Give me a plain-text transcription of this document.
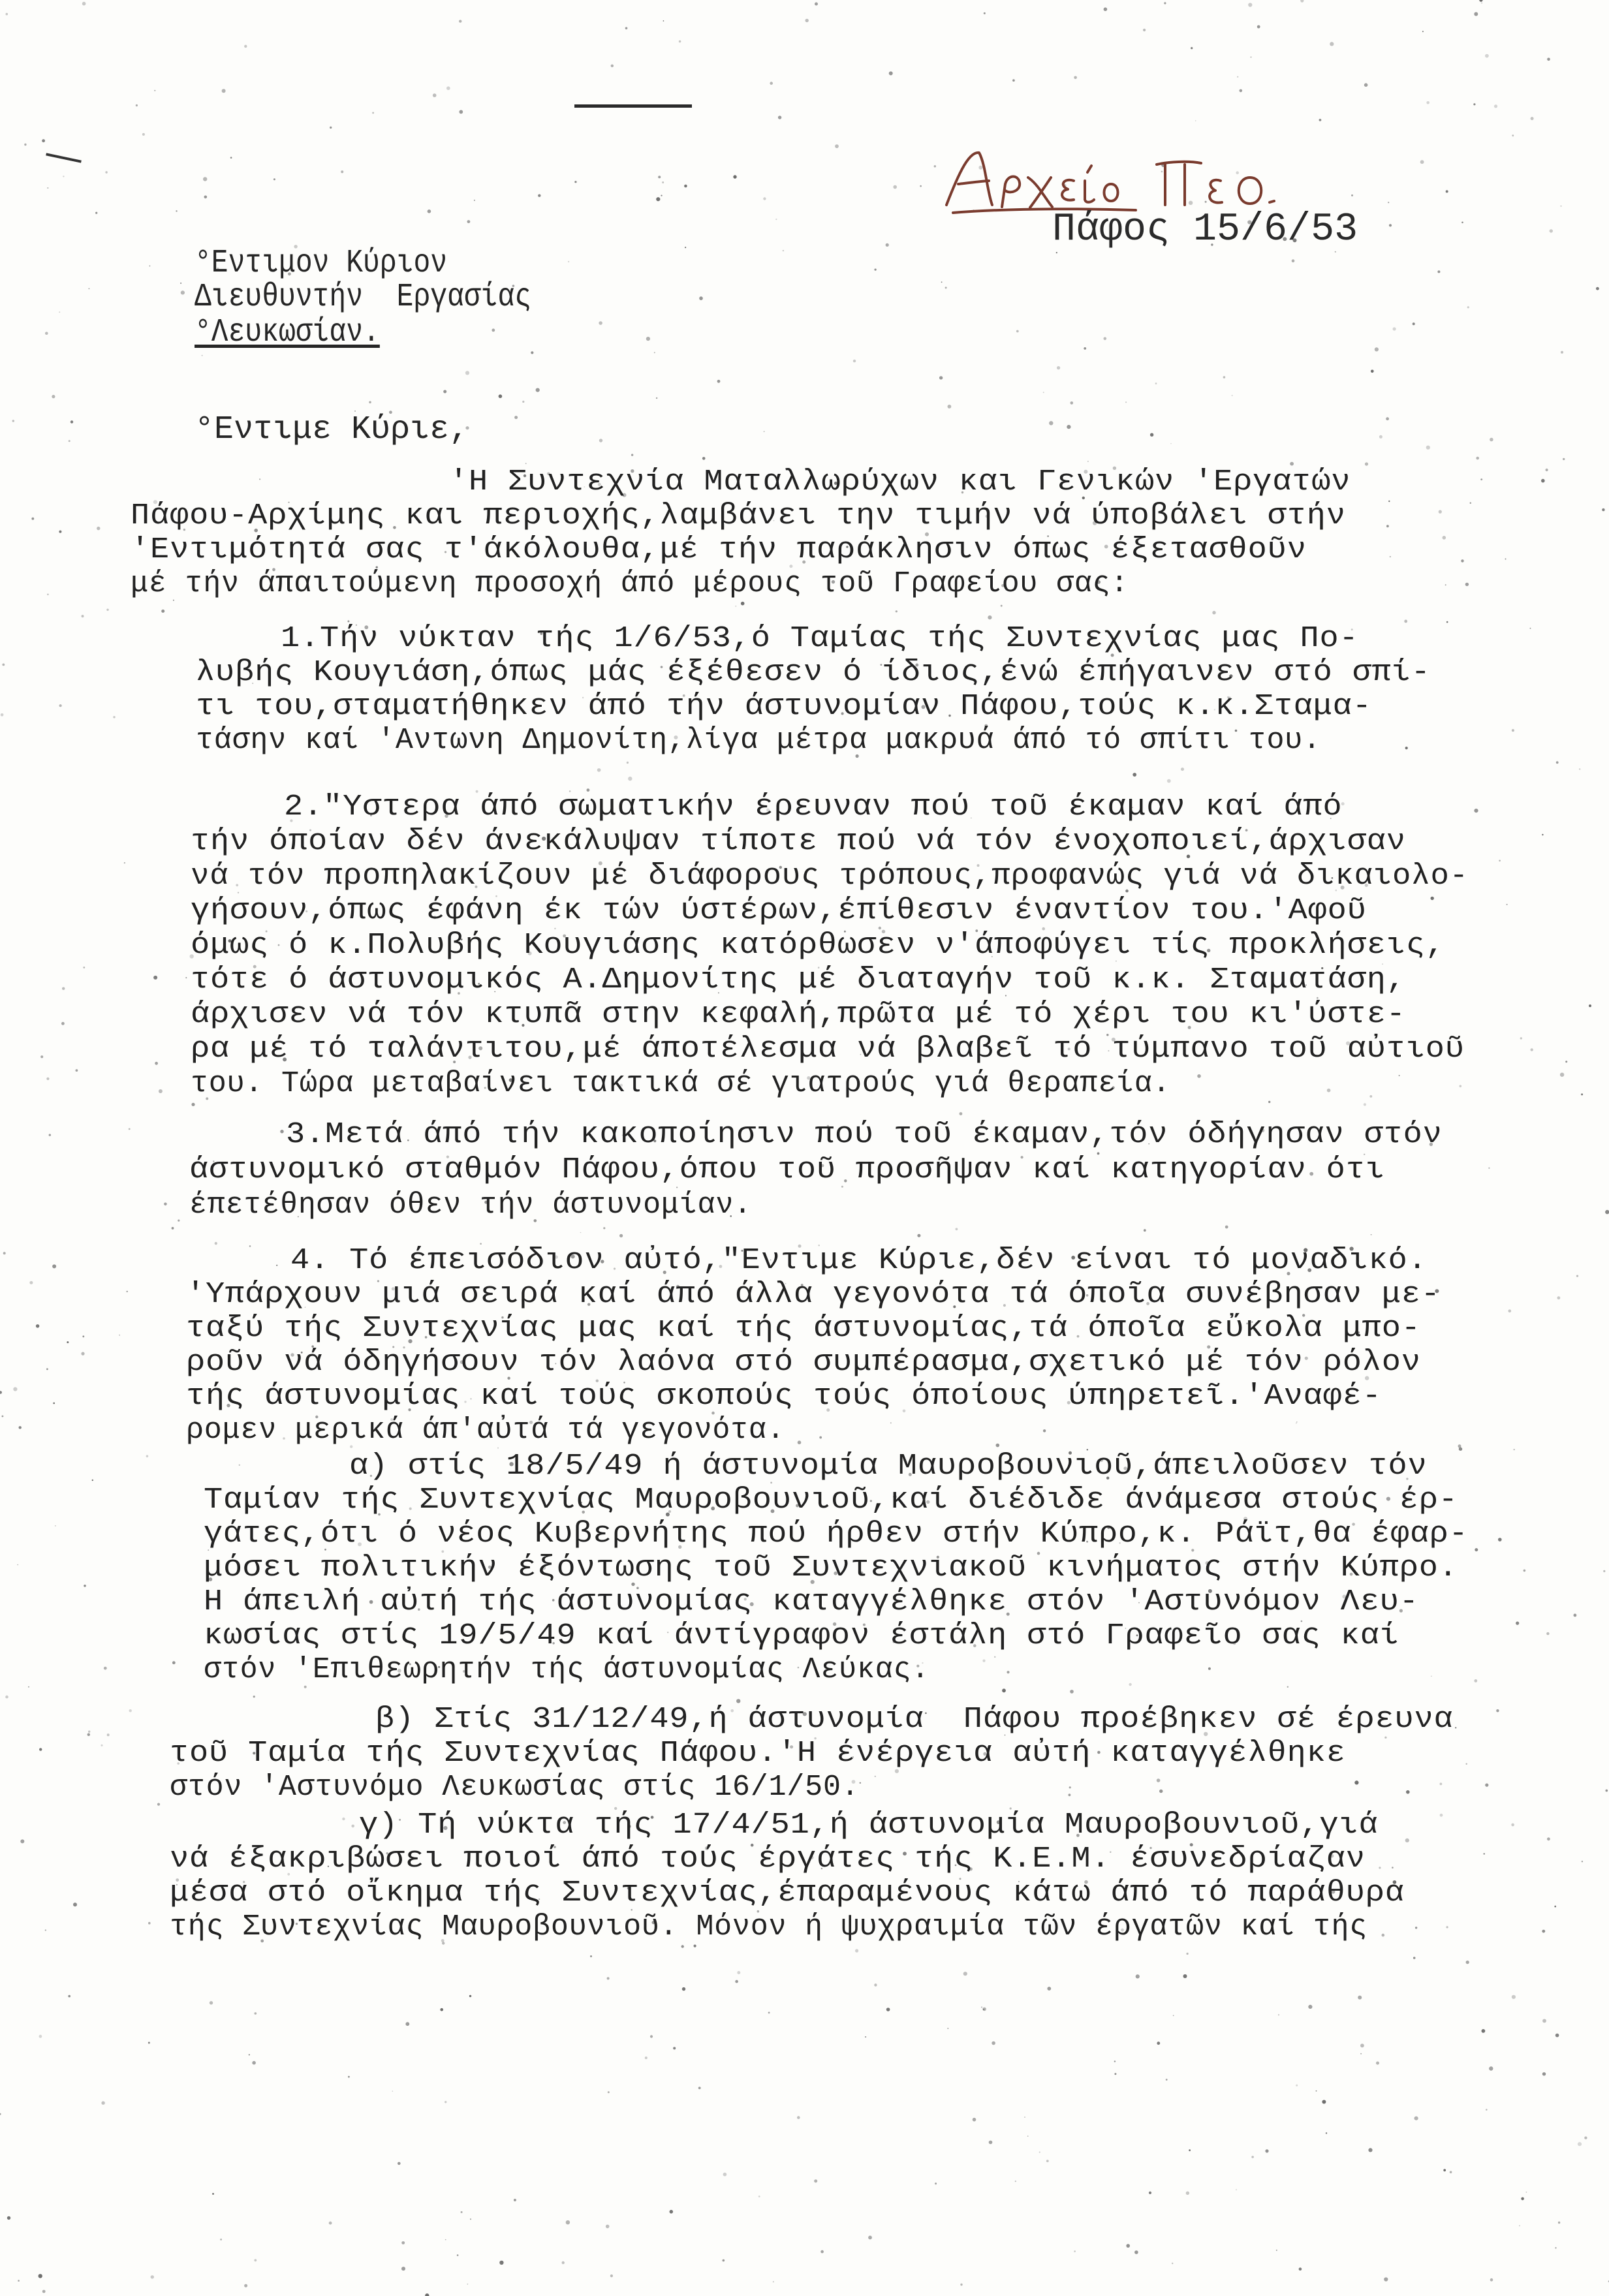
Πάφος 15/6/53
°Εντιμον Κύριον
Διευθυντήν  Εργασίας
°Λευκωσίαν.
°Εντιμε Κύριε,
'Η Συντεχνία Ματαλλωρύχων και Γενικών 'Εργατών
Πάφου-Αρχίμης και περιοχής,λαμβάνει την τιμήν νά ύποβάλει στήν
'Εντιμότητά σας τ'άκόλουθα,μέ τήν παράκλησιν όπως έξετασθοῦν
μέ τήν άπαιτούμενη προσοχή άπό μέρους τοῦ Γραφείου σας:
1.Τήν νύκταν τής 1/6/53,ό Ταμίας τής Συντεχνίας μας Πο-
λυβής Κουγιάση,όπως μάς έξέθεσεν ό ίδιος,ένώ έπήγαινεν στό σπί-
τι του,σταματήθηκεν άπό τήν άστυνομίαν Πάφου,τούς κ.κ.Σταμα-
τάσην καί 'Αντωνη Δημονίτη,λίγα μέτρα μακρυά άπό τό σπίτι του.
2."Υστερα άπό σωματικήν έρευναν πού τοῦ έκαμαν καί άπό
τήν όποίαν δέν άνεκάλυψαν τίποτε πού νά τόν ένοχοποιεί,άρχισαν
νά τόν προπηλακίζουν μέ διάφορους τρόπους,προφανώς γιά νά δικαιολο-
γήσουν,όπως έφάνη έκ τών ύστέρων,έπίθεσιν έναντίον του.'Αφοῦ
όμως ό κ.Πολυβής Κουγιάσης κατόρθωσεν ν'άποφύγει τίς προκλήσεις,
τότε ό άστυνομικός Α.Δημονίτης μέ διαταγήν τοῦ κ.κ. Σταματάση,
άρχισεν νά τόν κτυπᾶ στην κεφαλή,πρῶτα μέ τό χέρι του κι'ύστε-
ρα μέ τό ταλάντιτου,μέ άποτέλεσμα νά βλαβεῖ τό τύμπανο τοῦ αὐτιοῦ
του. Τώρα μεταβαίνει τακτικά σέ γιατρούς γιά θεραπεία.
3.Μετά άπό τήν κακοποίησιν πού τοῦ έκαμαν,τόν όδήγησαν στόν
άστυνομικό σταθμόν Πάφου,όπου τοῦ προσῆψαν καί κατηγορίαν ότι
έπετέθησαν όθεν τήν άστυνομίαν.
4. Τό έπεισόδιον αὐτό,"Εντιμε Κύριε,δέν είναι τό μοναδικό.
'Υπάρχουν μιά σειρά καί άπό άλλα γεγονότα τά όποῖα συνέβησαν με-
ταξύ τής Συντεχνίας μας καί τής άστυνομίας,τά όποῖα εὔκολα μπο-
ροῦν νά όδηγήσουν τόν λαόνα στό συμπέρασμα,σχετικό μέ τόν ρόλον
τής άστυνομίας καί τούς σκοπούς τούς όποίους ύπηρετεῖ.'Αναφέ-
ρομεν μερικά άπ'αὐτά τά γεγονότα.
α) στίς 18/5/49 ή άστυνομία Μαυροβουνιοῦ,άπειλοῦσεν τόν
Ταμίαν τής Συντεχνίας Μαυροβουνιοῦ,καί διέδιδε άνάμεσα στούς έρ-
γάτες,ότι ό νέος Κυβερνήτης πού ήρθεν στήν Κύπρο,κ. Ράϊτ,θα έφαρ-
μόσει πολιτικήν έξόντωσης τοῦ Συντεχνιακοῦ κινήματος στήν Κύπρο.
Η άπειλή αὐτή τής άστυνομίας καταγγέλθηκε στόν 'Αστυνόμον Λευ-
κωσίας στίς 19/5/49 καί άντίγραφον έστάλη στό Γραφεῖο σας καί
στόν 'Επιθεωρητήν τής άστυνομίας Λεύκας.
β) Στίς 31/12/49,ή άστυνομία  Πάφου προέβηκεν σέ έρευνα
τοῦ Ταμία τής Συντεχνίας Πάφου.'Η ένέργεια αὐτή καταγγέλθηκε
στόν 'Αστυνόμο Λευκωσίας στίς 16/1/50.
γ) Τή νύκτα τής 17/4/51,ή άστυνομία Μαυροβουνιοῦ,γιά
νά έξακριβώσει ποιοί άπό τούς έργάτες τής Κ.Ε.Μ. έσυνεδρίαζαν
μέσα στό οἴκημα τής Συντεχνίας,έπαραμένους κάτω άπό τό παράθυρα
τής Συντεχνίας Μαυροβουνιοῦ. Μόνον ή ψυχραιμία τῶν έργατῶν καί τής
